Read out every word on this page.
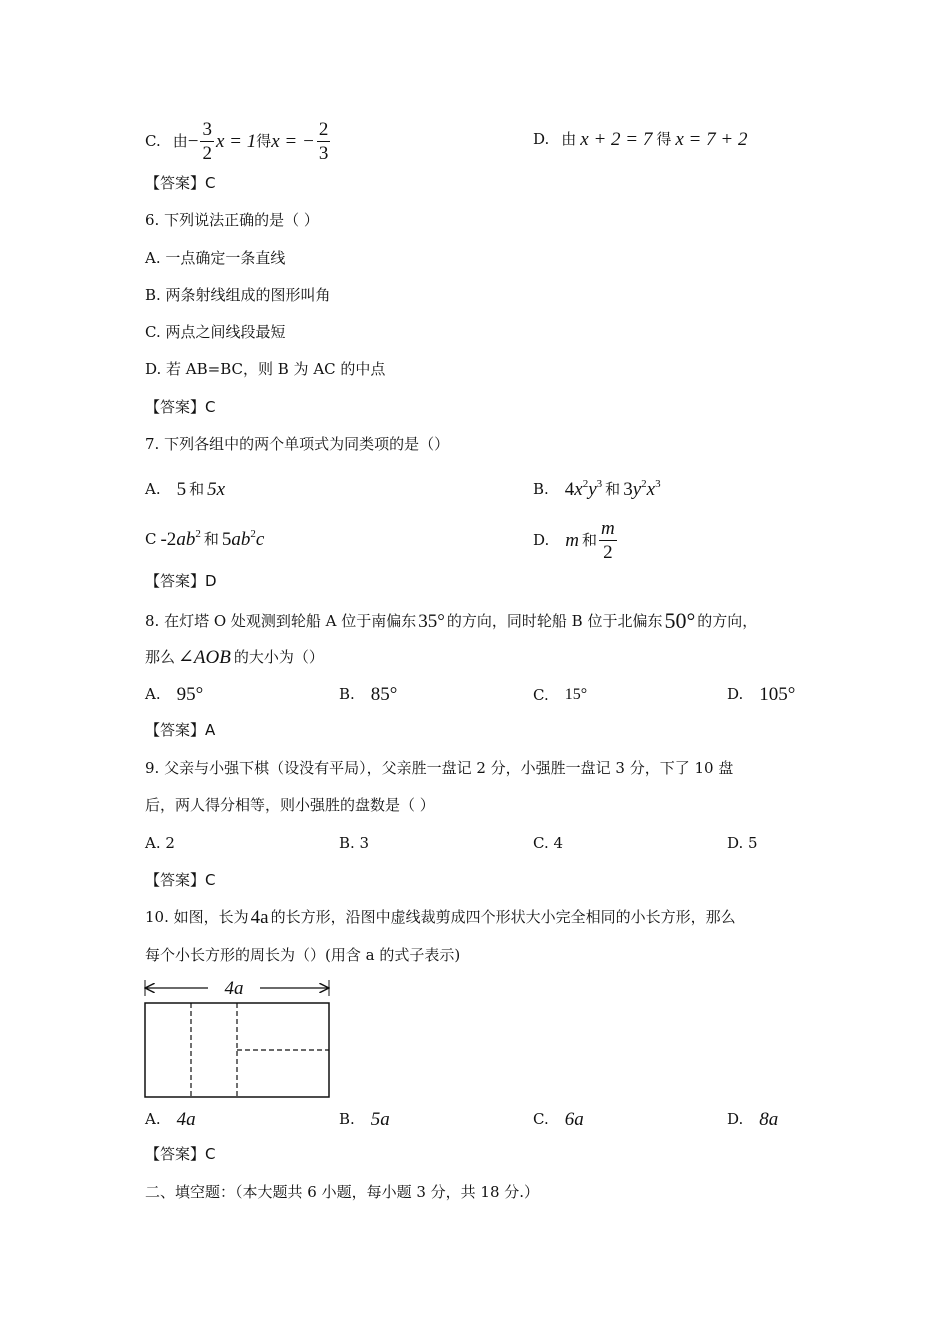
C. 由 − $\frac{3}{2}$ x = 1 得 x = − $\frac{2}{3}$	D. 由 x + 2 = 7 得 x = 7 + 2
【答案】C
6. 下列说法正确的是（ ）
A. 一点确定一条直线
B. 两条射线组成的图形叫角
C. 两点之间线段最短
D. 若 AB=BC，则 B 为 AC 的中点
【答案】C
7. 下列各组中的两个单项式为同类项的是（）
A. 5 和 5x	B. $4x^2y^3$ 和 $3y^2x^3$
C $-2ab^2$ 和 $5ab^2c$	D. m 和 $\frac{m}{2}$
【答案】D
8. 在灯塔 O 处观测到轮船 A 位于南偏东 35° 的方向，同时轮船 B 位于北偏东 50° 的方向，
那么 ∠AOB 的大小为（）
A. 95°	B. 85°	C. 15°	D. 105°
【答案】A
9. 父亲与小强下棋（设没有平局），父亲胜一盘记 2 分，小强胜一盘记 3 分，下了 10 盘
后，两人得分相等，则小强胜的盘数是（ ）
A. 2	B. 3	C. 4	D. 5
【答案】C
10. 如图，长为 4a 的长方形，沿图中虚线裁剪成四个形状大小完全相同的小长方形，那么
每个小长方形的周长为（）(用含 a 的式子表示)
4a
A. 4a	B. 5a	C. 6a	D. 8a
【答案】C
二、填空题：（本大题共 6 小题，每小题 3 分，共 18 分.）
